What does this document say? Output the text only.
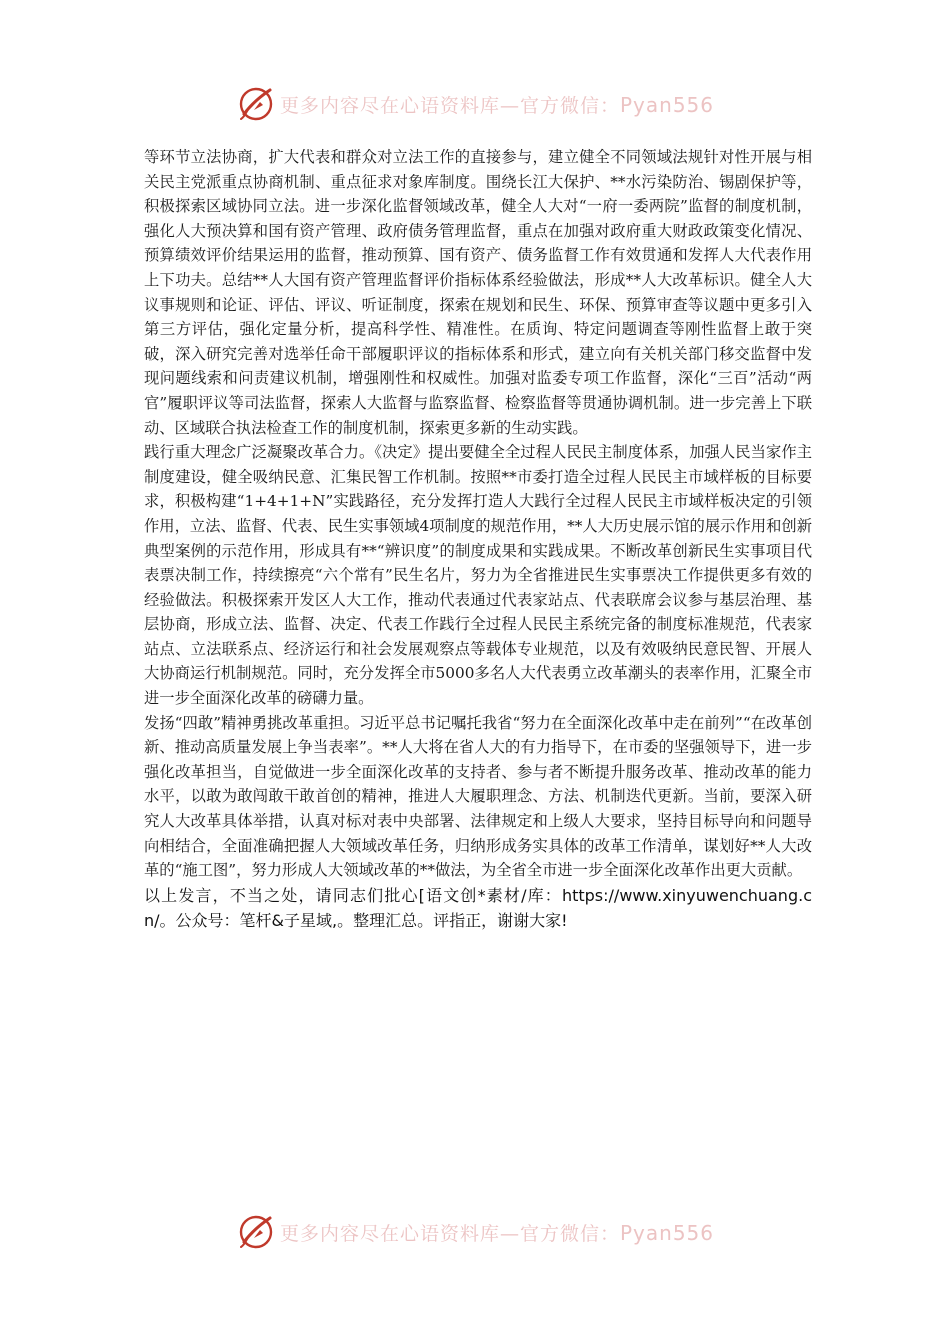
更多内容尽在心语资料库—官方微信：Pyan556

等环节立法协商，扩大代表和群众对立法工作的直接参与，建立健全不同领域法规针对性开展与相关民主党派重点协商机制、重点征求对象库制度。围绕长江大保护、**水污染防治、锡剧保护等，积极探索区域协同立法。进一步深化监督领域改革，健全人大对“一府一委两院”监督的制度机制，强化人大预决算和国有资产管理、政府债务管理监督，重点在加强对政府重大财政政策变化情况、预算绩效评价结果运用的监督，推动预算、国有资产、债务监督工作有效贯通和发挥人大代表作用上下功夫。总结**人大国有资产管理监督评价指标体系经验做法，形成**人大改革标识。健全人大议事规则和论证、评估、评议、听证制度，探索在规划和民生、环保、预算审查等议题中更多引入第三方评估，强化定量分析，提高科学性、精准性。在质询、特定问题调查等刚性监督上敢于突破，深入研究完善对选举任命干部履职评议的指标体系和形式，建立向有关机关部门移交监督中发现问题线索和问责建议机制，增强刚性和权威性。加强对监委专项工作监督，深化“三百”活动“两官”履职评议等司法监督，探索人大监督与监察监督、检察监督等贯通协调机制。进一步完善上下联动、区域联合执法检查工作的制度机制，探索更多新的生动实践。

践行重大理念广泛凝聚改革合力。《决定》提出要健全全过程人民民主制度体系，加强人民当家作主制度建设，健全吸纳民意、汇集民智工作机制。按照**市委打造全过程人民民主市域样板的目标要求，积极构建“1+4+1+N”实践路径，充分发挥打造人大践行全过程人民民主市域样板决定的引领作用，立法、监督、代表、民生实事领域4项制度的规范作用，**人大历史展示馆的展示作用和创新典型案例的示范作用，形成具有**“辨识度”的制度成果和实践成果。不断改革创新民生实事项目代表票决制工作，持续擦亮“六个常有”民生名片，努力为全省推进民生实事票决工作提供更多有效的经验做法。积极探索开发区人大工作，推动代表通过代表家站点、代表联席会议参与基层治理、基层协商，形成立法、监督、决定、代表工作践行全过程人民民主系统完备的制度标准规范，代表家站点、立法联系点、经济运行和社会发展观察点等载体专业规范，以及有效吸纳民意民智、开展人大协商运行机制规范。同时，充分发挥全市5000多名人大代表勇立改革潮头的表率作用，汇聚全市进一步全面深化改革的磅礴力量。

发扬“四敢”精神勇挑改革重担。习近平总书记嘱托我省“努力在全面深化改革中走在前列”“在改革创新、推动高质量发展上争当表率”。**人大将在省人大的有力指导下，在市委的坚强领导下，进一步强化改革担当，自觉做进一步全面深化改革的支持者、参与者不断提升服务改革、推动改革的能力水平，以敢为敢闯敢干敢首创的精神，推进人大履职理念、方法、机制迭代更新。当前，要深入研究人大改革具体举措，认真对标对表中央部署、法律规定和上级人大要求，坚持目标导向和问题导向相结合，全面准确把握人大领域改革任务，归纳形成务实具体的改革工作清单，谋划好**人大改革的“施工图”，努力形成人大领域改革的**做法，为全省全市进一步全面深化改革作出更大贡献。

以上发言，不当之处，请同志们批心[语文创*素材/库：https://www.xinyuwenchuang.cn/。公众号：笔杆&子星域,。整理汇总。评指正，谢谢大家!

更多内容尽在心语资料库—官方微信：Pyan556
